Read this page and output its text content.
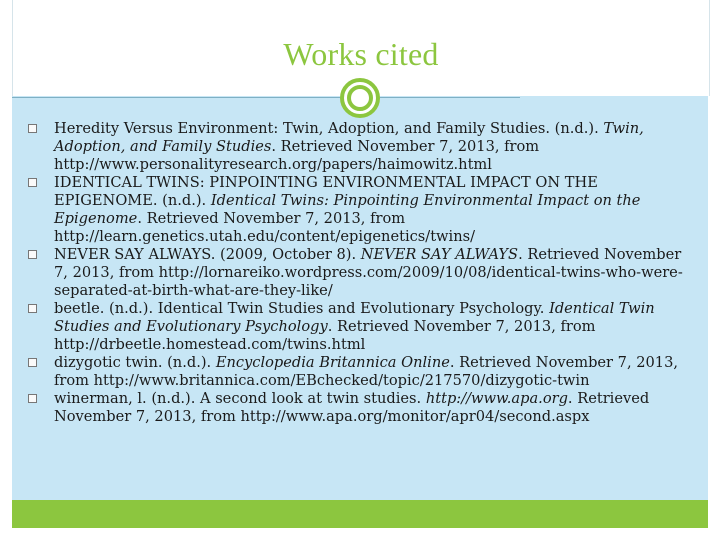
Works cited
Heredity Versus Environment: Twin, Adoption, and Family Studies. (n.d.). Twin, Adoption, and Family Studies. Retrieved November 7, 2013, from http://www.personalityresearch.org/papers/haimowitz.html
IDENTICAL TWINS: PINPOINTING ENVIRONMENTAL IMPACT ON THE EPIGENOME. (n.d.). Identical Twins: Pinpointing Environmental Impact on the Epigenome. Retrieved November 7, 2013, from http://learn.genetics.utah.edu/content/epigenetics/twins/
NEVER SAY ALWAYS. (2009, October 8). NEVER SAY ALWAYS. Retrieved November 7, 2013, from http://lornareiko.wordpress.com/2009/10/08/identical-twins-who-were-separated-at-birth-what-are-they-like/
beetle. (n.d.). Identical Twin Studies and Evolutionary Psychology. Identical Twin Studies and Evolutionary Psychology. Retrieved November 7, 2013, from http://drbeetle.homestead.com/twins.html
dizygotic twin. (n.d.). Encyclopedia Britannica Online. Retrieved November 7, 2013, from http://www.britannica.com/EBchecked/topic/217570/dizygotic-twin
winerman, l. (n.d.). A second look at twin studies. http://www.apa.org. Retrieved November 7, 2013, from http://www.apa.org/monitor/apr04/second.aspx
